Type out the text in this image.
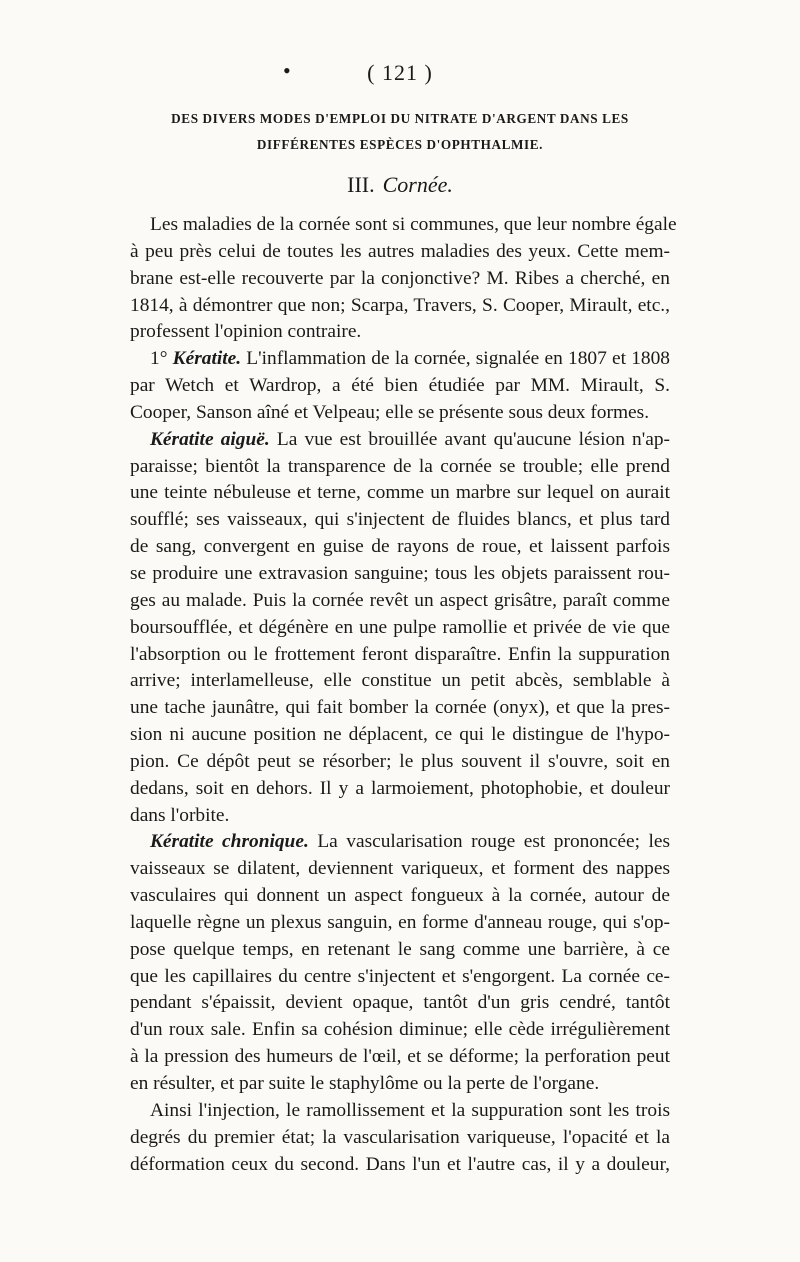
•	( 121 )
DES DIVERS MODES D'EMPLOI DU NITRATE D'ARGENT DANS LES
DIFFÉRENTES ESPÈCES D'OPHTHALMIE.
III. Cornée.
Les maladies de la cornée sont si communes, que leur nombre égale
à peu près celui de toutes les autres maladies des yeux. Cette mem-
brane est-elle recouverte par la conjonctive? M. Ribes a cherché, en
1814, à démontrer que non; Scarpa, Travers, S. Cooper, Mirault, etc.,
professent l'opinion contraire.
1° Kératite. L'inflammation de la cornée, signalée en 1807 et 1808
par Wetch et Wardrop, a été bien étudiée par MM. Mirault, S.
Cooper, Sanson aîné et Velpeau; elle se présente sous deux formes.
Kératite aiguë. La vue est brouillée avant qu'aucune lésion n'ap-
paraisse; bientôt la transparence de la cornée se trouble; elle prend
une teinte nébuleuse et terne, comme un marbre sur lequel on aurait
soufflé; ses vaisseaux, qui s'injectent de fluides blancs, et plus tard
de sang, convergent en guise de rayons de roue, et laissent parfois
se produire une extravasion sanguine; tous les objets paraissent rou-
ges au malade. Puis la cornée revêt un aspect grisâtre, paraît comme
boursoufflée, et dégénère en une pulpe ramollie et privée de vie que
l'absorption ou le frottement feront disparaître. Enfin la suppuration
arrive; interlamelleuse, elle constitue un petit abcès, semblable à
une tache jaunâtre, qui fait bomber la cornée (onyx), et que la pres-
sion ni aucune position ne déplacent, ce qui le distingue de l'hypo-
pion. Ce dépôt peut se résorber; le plus souvent il s'ouvre, soit en
dedans, soit en dehors. Il y a larmoiement, photophobie, et douleur
dans l'orbite.
Kératite chronique. La vascularisation rouge est prononcée; les
vaisseaux se dilatent, deviennent variqueux, et forment des nappes
vasculaires qui donnent un aspect fongueux à la cornée, autour de
laquelle règne un plexus sanguin, en forme d'anneau rouge, qui s'op-
pose quelque temps, en retenant le sang comme une barrière, à ce
que les capillaires du centre s'injectent et s'engorgent. La cornée ce-
pendant s'épaissit, devient opaque, tantôt d'un gris cendré, tantôt
d'un roux sale. Enfin sa cohésion diminue; elle cède irrégulièrement
à la pression des humeurs de l'œil, et se déforme; la perforation peut
en résulter, et par suite le staphylôme ou la perte de l'organe.
Ainsi l'injection, le ramollissement et la suppuration sont les trois
degrés du premier état; la vascularisation variqueuse, l'opacité et la
déformation ceux du second. Dans l'un et l'autre cas, il y a douleur,
